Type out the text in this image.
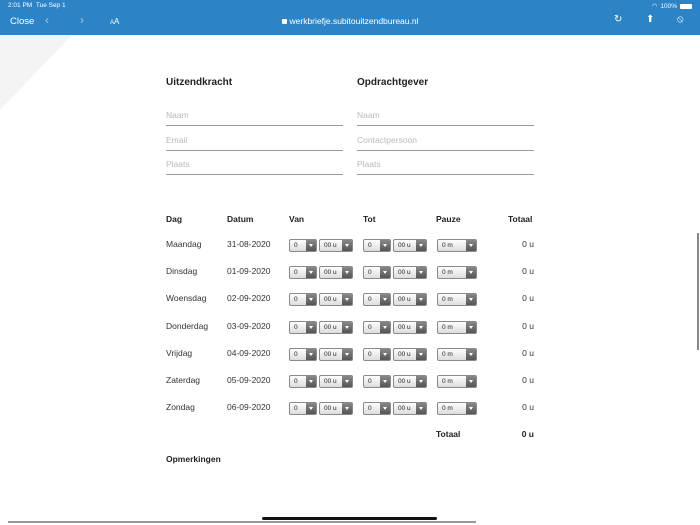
2:01 PM Tue Sep 1	◠ 100%
Close ‹	›	AA	werkbriefje.subitouitzendbureau.nl	↻ ⬆ ⦸
Uitzendkracht
Naam
Email
Plaats
Opdrachtgever
Naam
Contactpersoon
Plaats
Dag	Datum	Van	Tot	Pauze	Totaal
Maandag	31-08-2020	0	00 u	0	00 u	0 m	0 u
Dinsdag	01-09-2020	0	00 u	0	00 u	0 m	0 u
Woensdag 02-09-2020	0	00 u	0	00 u	0 m	0 u
Donderdag 03-09-2020	0	00 u	0	00 u	0 m	0 u
Vrijdag	04-09-2020	0	00 u	0	00 u	0 m	0 u
Zaterdag	05-09-2020	0	00 u	0	00 u	0 m	0 u
Zondag	06-09-2020	0	00 u	0	00 u	0 m	0 u
Totaal	0 u
Opmerkingen
